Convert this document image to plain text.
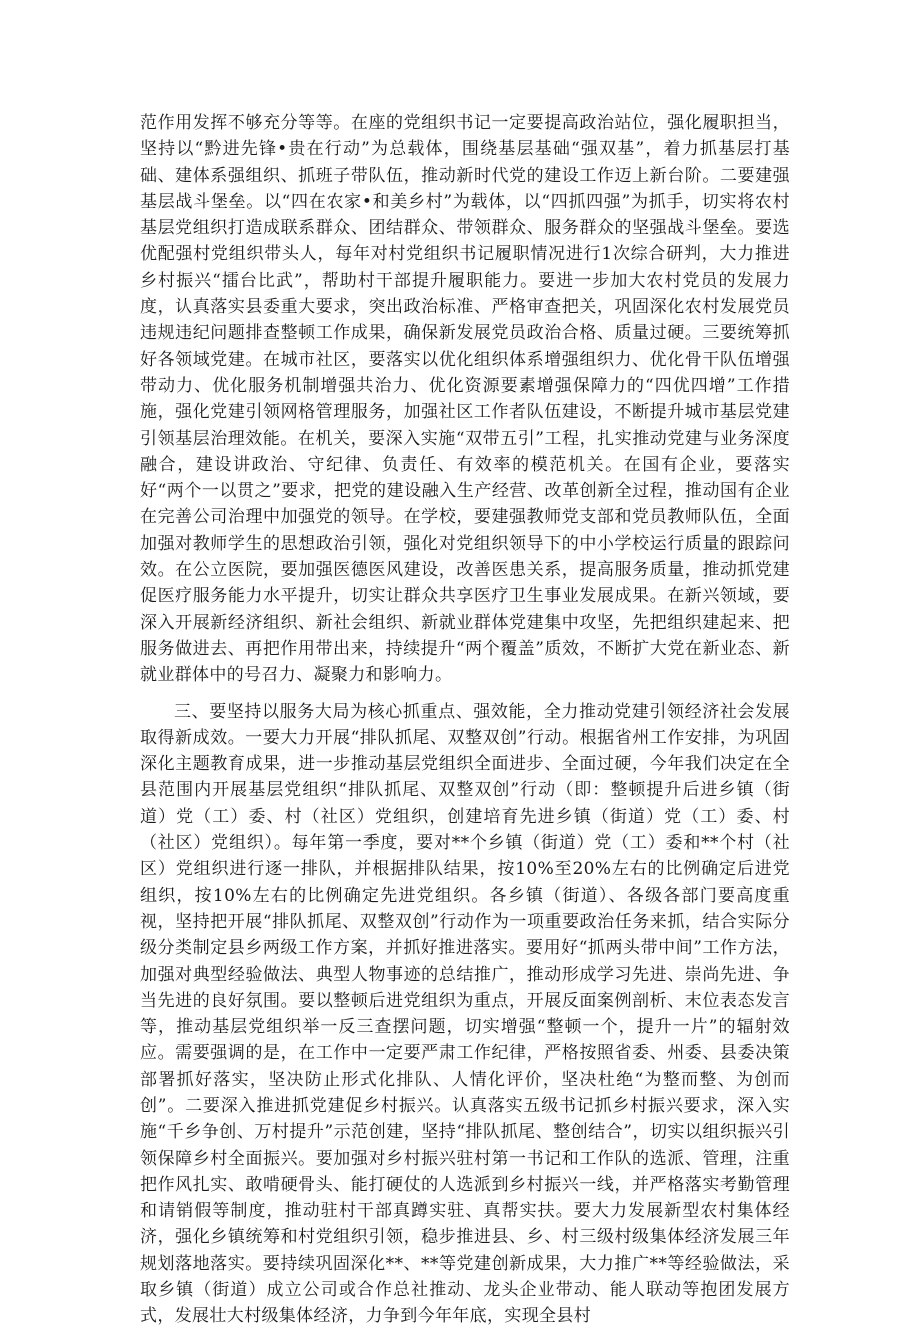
范作用发挥不够充分等等。在座的党组织书记一定要提高政治站位，强化履职担当，坚持以“黔进先锋•贵在行动”为总载体，围绕基层基础“强双基”，着力抓基层打基础、建体系强组织、抓班子带队伍，推动新时代党的建设工作迈上新台阶。二要建强基层战斗堡垒。以“四在农家•和美乡村”为载体，以“四抓四强”为抓手，切实将农村基层党组织打造成联系群众、团结群众、带领群众、服务群众的坚强战斗堡垒。要选优配强村党组织带头人，每年对村党组织书记履职情况进行1次综合研判，大力推进乡村振兴“擂台比武”，帮助村干部提升履职能力。要进一步加大农村党员的发展力度，认真落实县委重大要求，突出政治标准、严格审查把关，巩固深化农村发展党员违规违纪问题排查整顿工作成果，确保新发展党员政治合格、质量过硬。三要统筹抓好各领域党建。在城市社区，要落实以优化组织体系增强组织力、优化骨干队伍增强带动力、优化服务机制增强共治力、优化资源要素增强保障力的“四优四增”工作措施，强化党建引领网格管理服务，加强社区工作者队伍建设，不断提升城市基层党建引领基层治理效能。在机关，要深入实施“双带五引”工程，扎实推动党建与业务深度融合，建设讲政治、守纪律、负责任、有效率的模范机关。在国有企业，要落实好“两个一以贯之”要求，把党的建设融入生产经营、改革创新全过程，推动国有企业在完善公司治理中加强党的领导。在学校，要建强教师党支部和党员教师队伍，全面加强对教师学生的思想政治引领，强化对党组织领导下的中小学校运行质量的跟踪问效。在公立医院，要加强医德医风建设，改善医患关系，提高服务质量，推动抓党建促医疗服务能力水平提升，切实让群众共享医疗卫生事业发展成果。在新兴领域，要深入开展新经济组织、新社会组织、新就业群体党建集中攻坚，先把组织建起来、把服务做进去、再把作用带出来，持续提升“两个覆盖”质效，不断扩大党在新业态、新就业群体中的号召力、凝聚力和影响力。

三、要坚持以服务大局为核心抓重点、强效能，全力推动党建引领经济社会发展取得新成效。一要大力开展“排队抓尾、双整双创”行动。根据省州工作安排，为巩固深化主题教育成果，进一步推动基层党组织全面进步、全面过硬，今年我们决定在全县范围内开展基层党组织“排队抓尾、双整双创”行动（即：整顿提升后进乡镇（街道）党（工）委、村（社区）党组织，创建培育先进乡镇（街道）党（工）委、村（社区）党组织）。每年第一季度，要对**个乡镇（街道）党（工）委和**个村（社区）党组织进行逐一排队，并根据排队结果，按10%至20%左右的比例确定后进党组织，按10%左右的比例确定先进党组织。各乡镇（街道）、各级各部门要高度重视，坚持把开展“排队抓尾、双整双创”行动作为一项重要政治任务来抓，结合实际分级分类制定县乡两级工作方案，并抓好推进落实。要用好“抓两头带中间”工作方法，加强对典型经验做法、典型人物事迹的总结推广，推动形成学习先进、崇尚先进、争当先进的良好氛围。要以整顿后进党组织为重点，开展反面案例剖析、末位表态发言等，推动基层党组织举一反三查摆问题，切实增强“整顿一个，提升一片”的辐射效应。需要强调的是，在工作中一定要严肃工作纪律，严格按照省委、州委、县委决策部署抓好落实，坚决防止形式化排队、人情化评价，坚决杜绝“为整而整、为创而创”。二要深入推进抓党建促乡村振兴。认真落实五级书记抓乡村振兴要求，深入实施“千乡争创、万村提升”示范创建，坚持“排队抓尾、整创结合”，切实以组织振兴引领保障乡村全面振兴。要加强对乡村振兴驻村第一书记和工作队的选派、管理，注重把作风扎实、敢啃硬骨头、能打硬仗的人选派到乡村振兴一线，并严格落实考勤管理和请销假等制度，推动驻村干部真蹲实驻、真帮实扶。要大力发展新型农村集体经济，强化乡镇统筹和村党组织引领，稳步推进县、乡、村三级村级集体经济发展三年规划落地落实。要持续巩固深化**、**等党建创新成果，大力推广**等经验做法，采取乡镇（街道）成立公司或合作总社推动、龙头企业带动、能人联动等抱团发展方式，发展壮大村级集体经济，力争到今年年底，实现全县村
